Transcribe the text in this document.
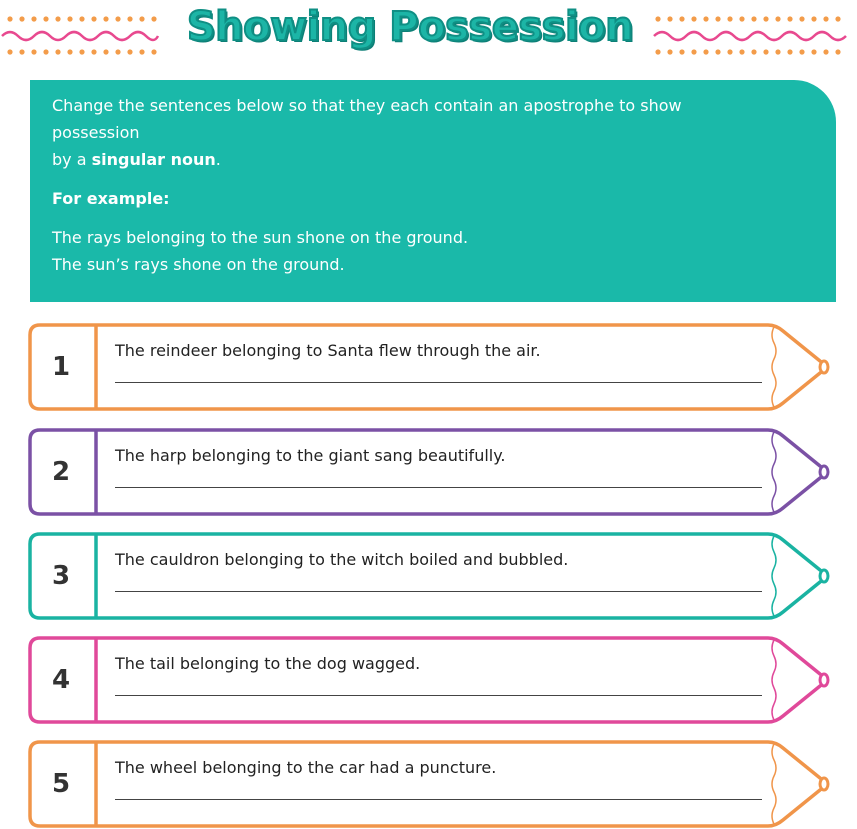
Showing Possession

Change the sentences below so that they each contain an apostrophe to show

possession

by a singular noun.

For example:

The rays belonging to the sun shone on the ground.

The sun’s rays shone on the ground.

1
The reindeer belonging to Santa flew through the air.
2
The harp belonging to the giant sang beautifully.
3
The cauldron belonging to the witch boiled and bubbled.
4
The tail belonging to the dog wagged.
5
The wheel belonging to the car had a puncture.
